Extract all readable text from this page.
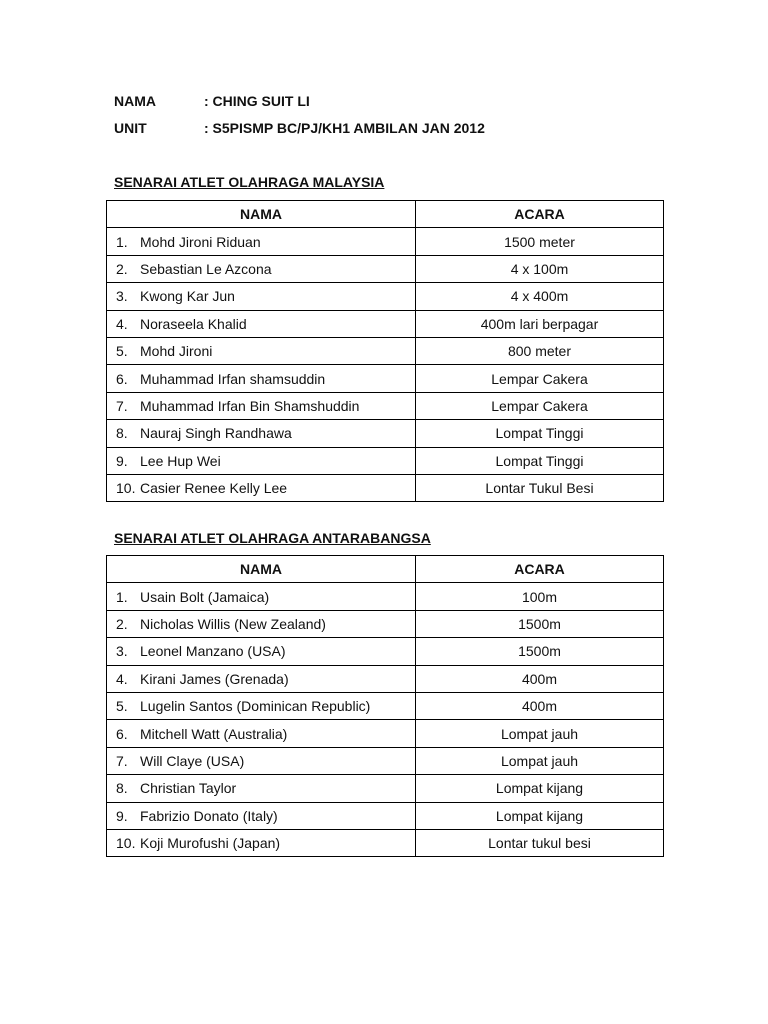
NAMA	: CHING SUIT LI
UNIT	: S5PISMP BC/PJ/KH1 AMBILAN JAN 2012
SENARAI ATLET OLAHRAGA MALAYSIA
NAMA	ACARA
1. Mohd Jironi Riduan	1500 meter
2. Sebastian Le Azcona	4 x 100m
3. Kwong Kar Jun	4 x 400m
4. Noraseela Khalid	400m lari berpagar
5. Mohd Jironi	800 meter
6. Muhammad Irfan shamsuddin	Lempar Cakera
7. Muhammad Irfan Bin Shamshuddin	Lempar Cakera
8. Nauraj Singh Randhawa	Lompat Tinggi
9. Lee Hup Wei	Lompat Tinggi
10. Casier Renee Kelly Lee	Lontar Tukul Besi
SENARAI ATLET OLAHRAGA ANTARABANGSA
NAMA	ACARA
1. Usain Bolt (Jamaica)	100m
2. Nicholas Willis (New Zealand)	1500m
3. Leonel Manzano (USA)	1500m
4. Kirani James (Grenada)	400m
5. Lugelin Santos (Dominican Republic)	400m
6. Mitchell Watt (Australia)	Lompat jauh
7. Will Claye (USA)	Lompat jauh
8. Christian Taylor	Lompat kijang
9. Fabrizio Donato (Italy)	Lompat kijang
10. Koji Murofushi (Japan)	Lontar tukul besi
